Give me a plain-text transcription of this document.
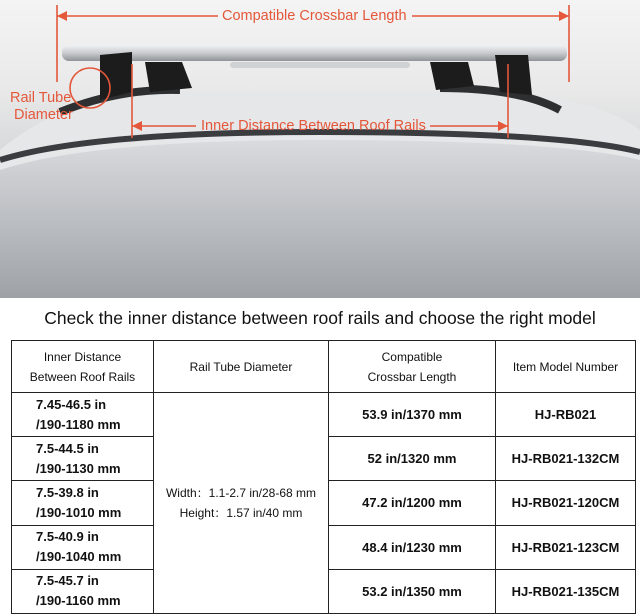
Compatible Crossbar Length
Rail Tube
Diameter
Inner Distance Between Roof Rails
Check the inner distance between roof rails and choose the right model
Inner Distance
Between Roof Rails	Rail Tube Diameter	Compatible
Crossbar Length	Item Model Number

7.45-46.5 in
/190-1180 mm	Width：1.1-2.7 in/28-68 mm
Height：1.57 in/40 mm	53.9 in/1370 mm	HJ-RB021

7.5-44.5 in
/190-1130 mm		52 in/1320 mm	HJ-RB021-132CM

7.5-39.8 in
/190-1010 mm		47.2 in/1200 mm	HJ-RB021-120CM

7.5-40.9 in
/190-1040 mm		48.4 in/1230 mm	HJ-RB021-123CM

7.5-45.7 in
/190-1160 mm		53.2 in/1350 mm	HJ-RB021-135CM
